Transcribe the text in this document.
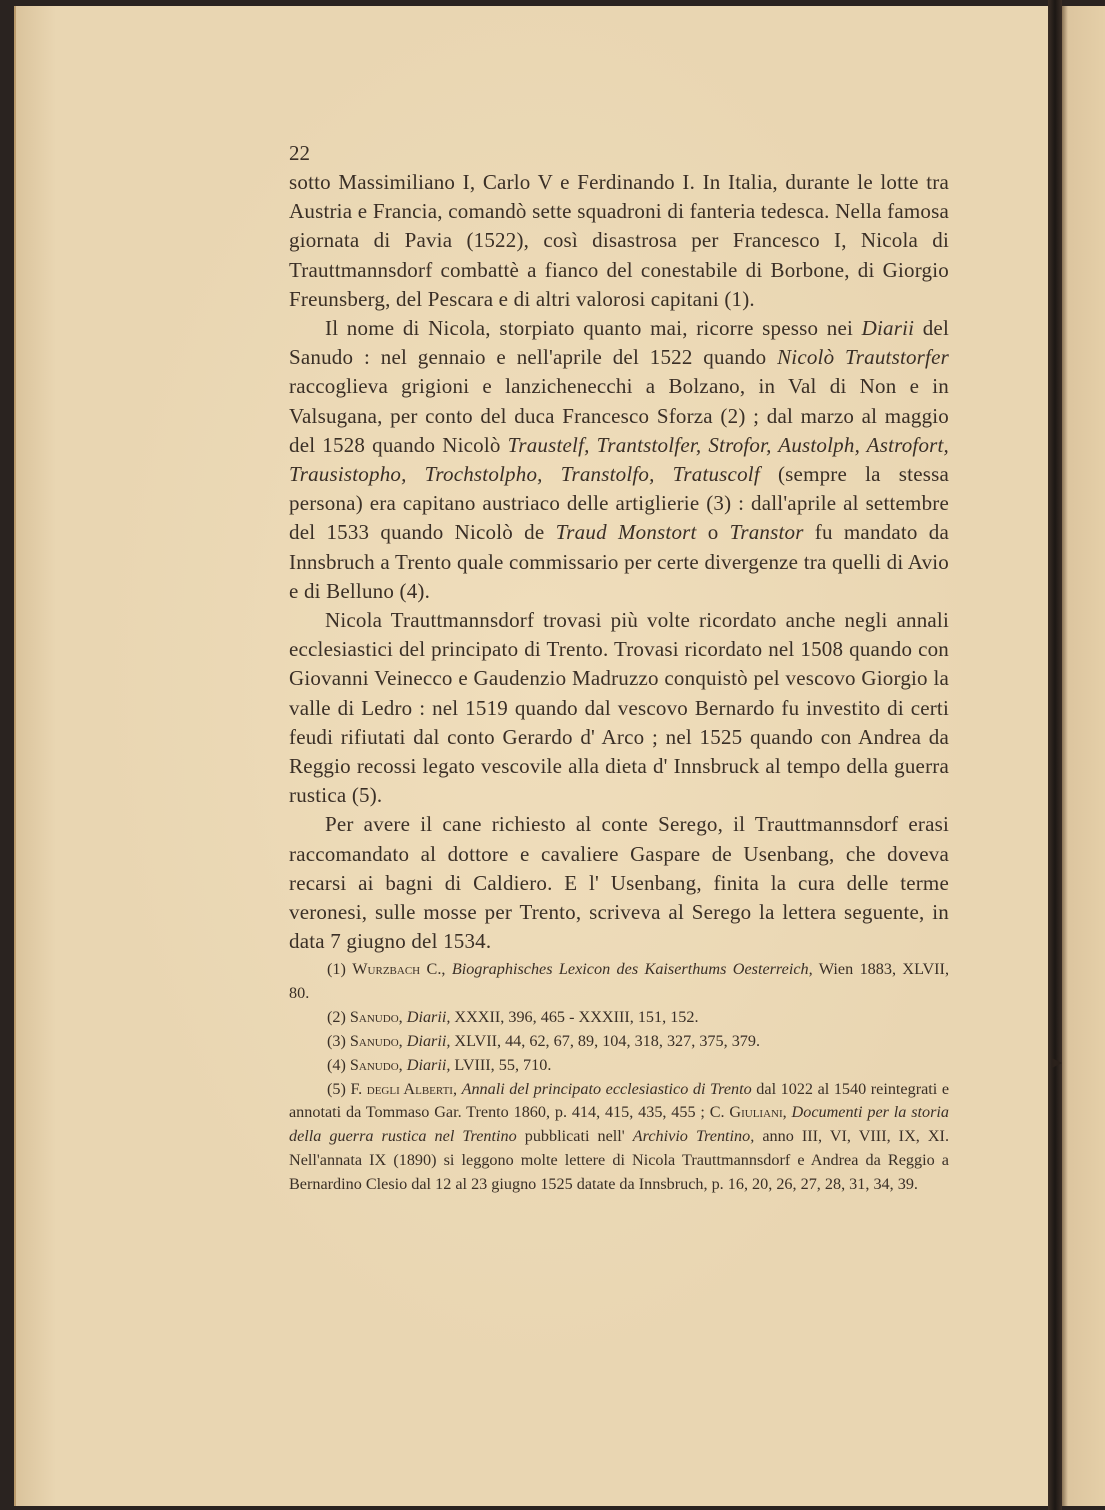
22

sotto Massimiliano I, Carlo V e Ferdinando I. In Italia, durante le lotte tra Austria e Francia, comandò sette squadroni di fanteria tedesca. Nella famosa giornata di Pavia (1522), così disastrosa per Francesco I, Nicola di Trauttmannsdorf combattè a fianco del conestabile di Borbone, di Giorgio Freunsberg, del Pescara e di altri valorosi capitani (1).

Il nome di Nicola, storpiato quanto mai, ricorre spesso nei Diarii del Sanudo : nel gennaio e nell'aprile del 1522 quando Nicolò Trautstorfer raccoglieva grigioni e lanzichenecchi a Bolzano, in Val di Non e in Valsugana, per conto del duca Francesco Sforza (2) ; dal marzo al maggio del 1528 quando Nicolò Traustelf, Trantstolfer, Strofor, Austolph, Astrofort, Trausistopho, Trochstolpho, Transtolfo, Tratuscolf (sempre la stessa persona) era capitano austriaco delle artiglierie (3) : dall'aprile al settembre del 1533 quando Nicolò de Traud Monstort o Transtor fu mandato da Innsbruch a Trento quale commissario per certe divergenze tra quelli di Avio e di Belluno (4).

Nicola Trauttmannsdorf trovasi più volte ricordato anche negli annali ecclesiastici del principato di Trento. Trovasi ricordato nel 1508 quando con Giovanni Veinecco e Gaudenzio Madruzzo conquistò pel vescovo Giorgio la valle di Ledro : nel 1519 quando dal vescovo Bernardo fu investito di certi feudi rifiutati dal conto Gerardo d' Arco ; nel 1525 quando con Andrea da Reggio recossi legato vescovile alla dieta d' Innsbruck al tempo della guerra rustica (5).

Per avere il cane richiesto al conte Serego, il Trauttmannsdorf erasi raccomandato al dottore e cavaliere Gaspare de Usenbang, che doveva recarsi ai bagni di Caldiero. E l' Usenbang, finita la cura delle terme veronesi, sulle mosse per Trento, scriveva al Serego la lettera seguente, in data 7 giugno del 1534.

(1) Wurzbach C., Biographisches Lexicon des Kaiserthums Oesterreich, Wien 1883, XLVII, 80.

(2) Sanudo, Diarii, XXXII, 396, 465 - XXXIII, 151, 152.

(3) Sanudo, Diarii, XLVII, 44, 62, 67, 89, 104, 318, 327, 375, 379.

(4) Sanudo, Diarii, LVIII, 55, 710.

(5) F. degli Alberti, Annali del principato ecclesiastico di Trento dal 1022 al 1540 reintegrati e annotati da Tommaso Gar. Trento 1860, p. 414, 415, 435, 455 ; C. Giuliani, Documenti per la storia della guerra rustica nel Trentino pubblicati nell' Archivio Trentino, anno III, VI, VIII, IX, XI. Nell'annata IX (1890) si leggono molte lettere di Nicola Trauttmannsdorf e Andrea da Reggio a Bernardino Clesio dal 12 al 23 giugno 1525 datate da Innsbruch, p. 16, 20, 26, 27, 28, 31, 34, 39.
